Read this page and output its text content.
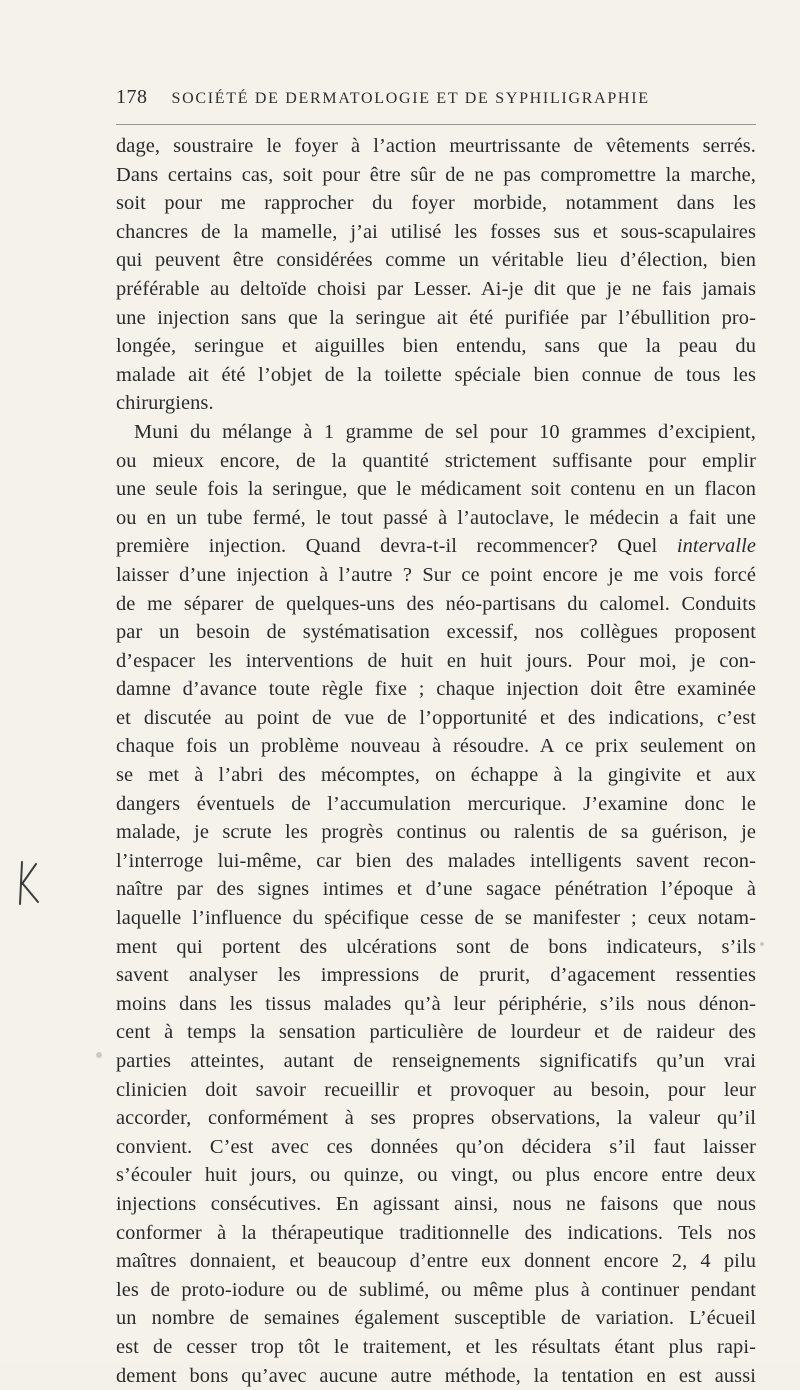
178 SOCIÉTÉ DE DERMATOLOGIE ET DE SYPHILIGRAPHIE
dage, soustraire le foyer à l’action meurtrissante de vêtements serrés.
Dans certains cas, soit pour être sûr de ne pas compromettre la marche,
soit pour me rapprocher du foyer morbide, notamment dans les
chancres de la mamelle, j’ai utilisé les fosses sus et sous-scapulaires
qui peuvent être considérées comme un véritable lieu d’élection, bien
préférable au deltoïde choisi par Lesser. Ai-je dit que je ne fais jamais
une injection sans que la seringue ait été purifiée par l’ébullition pro-
longée, seringue et aiguilles bien entendu, sans que la peau du
malade ait été l’objet de la toilette spéciale bien connue de tous les
chirurgiens.
Muni du mélange à 1 gramme de sel pour 10 grammes d’excipient,
ou mieux encore, de la quantité strictement suffisante pour emplir
une seule fois la seringue, que le médicament soit contenu en un flacon
ou en un tube fermé, le tout passé à l’autoclave, le médecin a fait une
première injection. Quand devra-t-il recommencer? Quel intervalle
laisser d’une injection à l’autre ? Sur ce point encore je me vois forcé
de me séparer de quelques-uns des néo-partisans du calomel. Conduits
par un besoin de systématisation excessif, nos collègues proposent
d’espacer les interventions de huit en huit jours. Pour moi, je con-
damne d’avance toute règle fixe ; chaque injection doit être examinée
et discutée au point de vue de l’opportunité et des indications, c’est
chaque fois un problème nouveau à résoudre. A ce prix seulement on
se met à l’abri des mécomptes, on échappe à la gingivite et aux
dangers éventuels de l’accumulation mercurique. J’examine donc le
malade, je scrute les progrès continus ou ralentis de sa guérison, je
l’interroge lui-même, car bien des malades intelligents savent recon-
naître par des signes intimes et d’une sagace pénétration l’époque à
laquelle l’influence du spécifique cesse de se manifester ; ceux notam-
ment qui portent des ulcérations sont de bons indicateurs, s’ils
savent analyser les impressions de prurit, d’agacement ressenties
moins dans les tissus malades qu’à leur périphérie, s’ils nous dénon-
cent à temps la sensation particulière de lourdeur et de raideur des
parties atteintes, autant de renseignements significatifs qu’un vrai
clinicien doit savoir recueillir et provoquer au besoin, pour leur
accorder, conformément à ses propres observations, la valeur qu’il
convient. C’est avec ces données qu’on décidera s’il faut laisser
s’écouler huit jours, ou quinze, ou vingt, ou plus encore entre deux
injections consécutives. En agissant ainsi, nous ne faisons que nous
conformer à la thérapeutique traditionnelle des indications. Tels nos
maîtres donnaient, et beaucoup d’entre eux donnent encore 2, 4 pilu
les de proto-iodure ou de sublimé, ou même plus à continuer pendant
un nombre de semaines également susceptible de variation. L’écueil
est de cesser trop tôt le traitement, et les résultats étant plus rapi-
dement bons qu’avec aucune autre méthode, la tentation en est aussi
